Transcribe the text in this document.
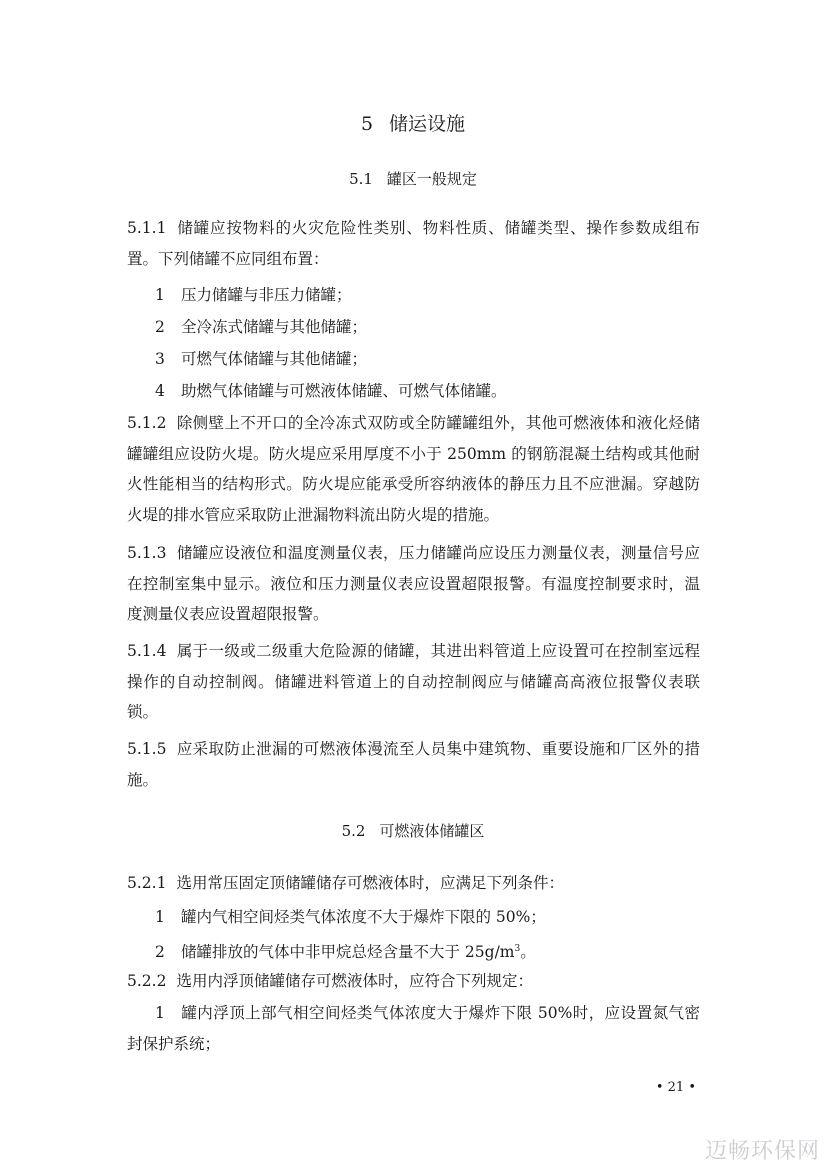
5 储运设施
5.1 罐区一般规定
5.1.1 储罐应按物料的火灾危险性类别、物料性质、储罐类型、操作参数成组布置。下列储罐不应同组布置：
1 压力储罐与非压力储罐；
2 全冷冻式储罐与其他储罐；
3 可燃气体储罐与其他储罐；
4 助燃气体储罐与可燃液体储罐、可燃气体储罐。
5.1.2 除侧壁上不开口的全冷冻式双防或全防罐罐组外，其他可燃液体和液化烃储罐罐组应设防火堤。防火堤应采用厚度不小于 250mm 的钢筋混凝土结构或其他耐火性能相当的结构形式。防火堤应能承受所容纳液体的静压力且不应泄漏。穿越防火堤的排水管应采取防止泄漏物料流出防火堤的措施。
5.1.3 储罐应设液位和温度测量仪表，压力储罐尚应设压力测量仪表，测量信号应在控制室集中显示。液位和压力测量仪表应设置超限报警。有温度控制要求时，温度测量仪表应设置超限报警。
5.1.4 属于一级或二级重大危险源的储罐，其进出料管道上应设置可在控制室远程操作的自动控制阀。储罐进料管道上的自动控制阀应与储罐高高液位报警仪表联锁。
5.1.5 应采取防止泄漏的可燃液体漫流至人员集中建筑物、重要设施和厂区外的措施。
5.2 可燃液体储罐区
5.2.1 选用常压固定顶储罐储存可燃液体时，应满足下列条件：
1 罐内气相空间烃类气体浓度不大于爆炸下限的 50%；
2 储罐排放的气体中非甲烷总烃含量不大于 $25g/m^3$。
5.2.2 选用内浮顶储罐储存可燃液体时，应符合下列规定：
1 罐内浮顶上部气相空间烃类气体浓度大于爆炸下限 50%时，应设置氮气密封保护系统；
• 21 •
迈畅环保网
